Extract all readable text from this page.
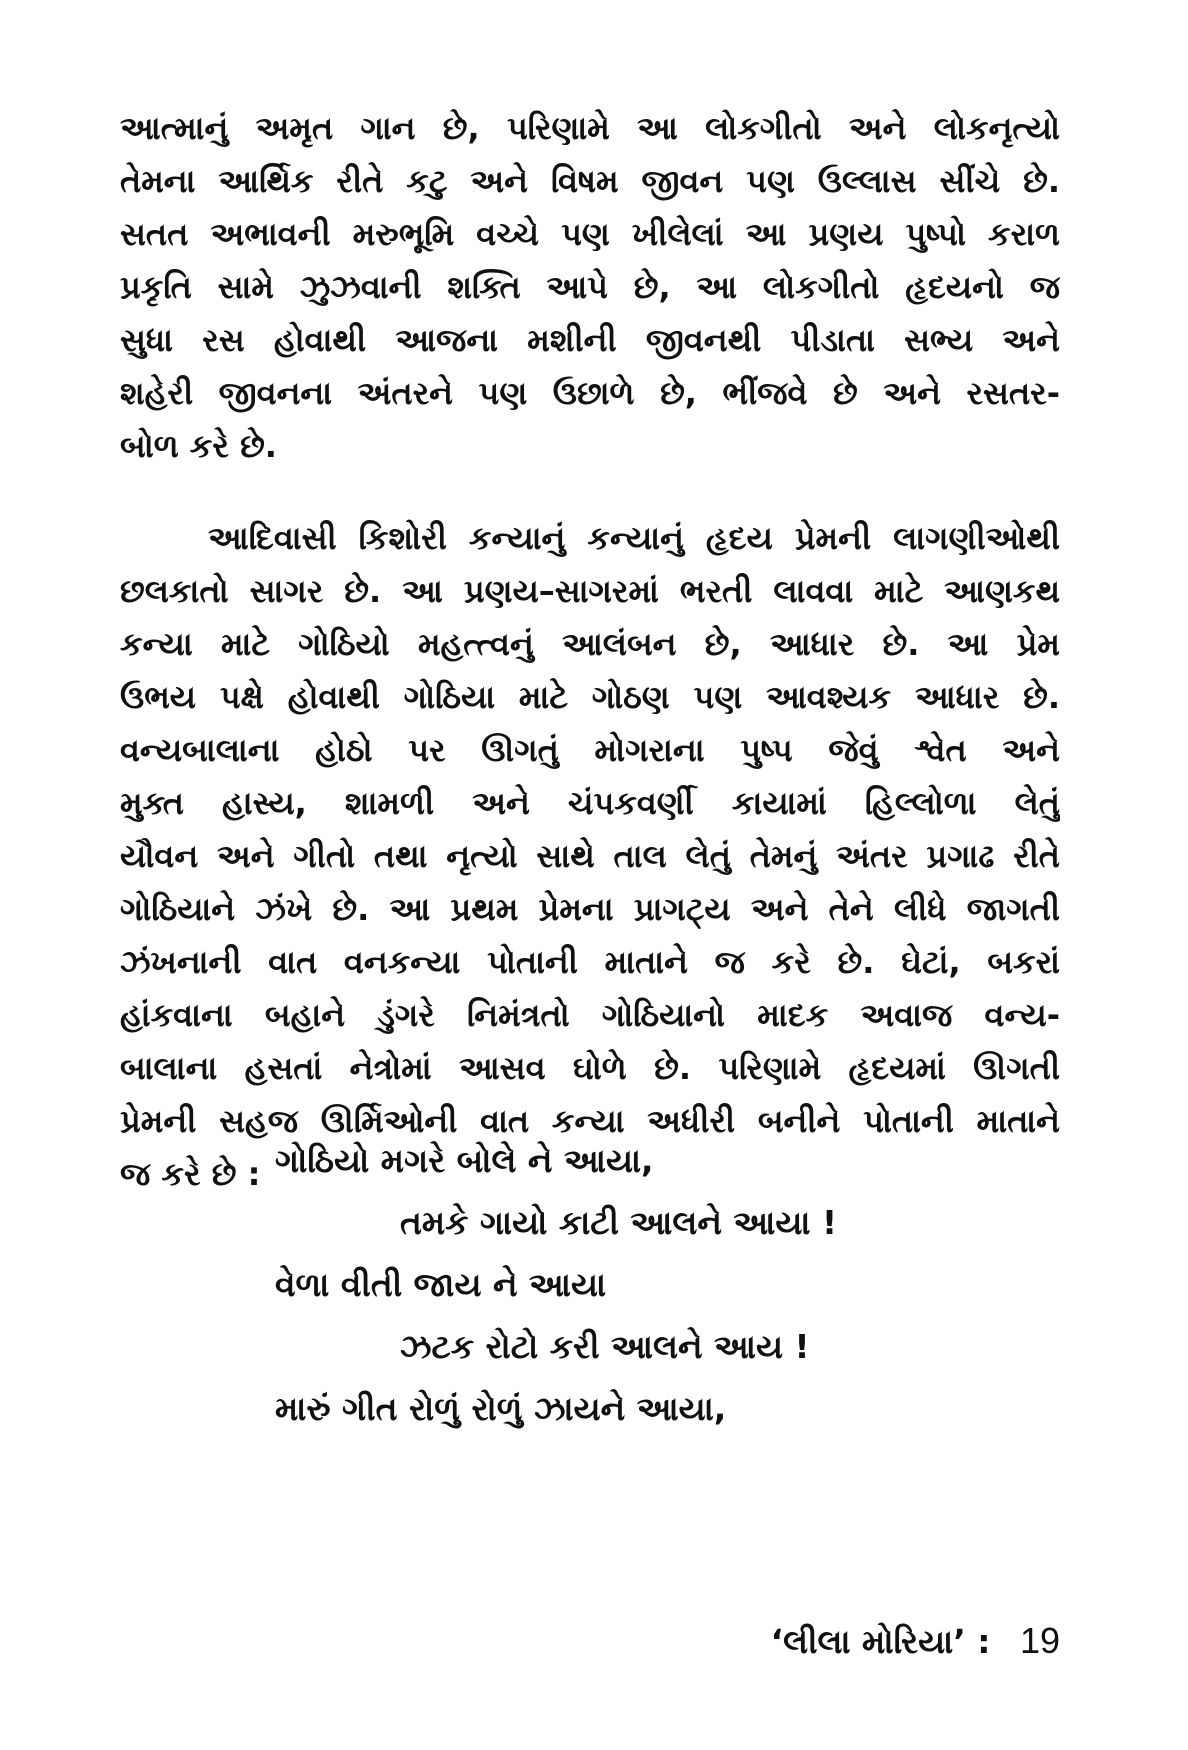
આત્માનું અમૃત ગાન છે, પરિણામે આ લોકગીતો અને લોકનૃત્યો
તેમના આર્થિક રીતે કટુ અને વિષમ જીવન પણ ઉલ્લાસ સીંચે છે.
સતત અભાવની મરુભૂમિ વચ્ચે પણ ખીલેલાં આ પ્રણય પુષ્પો કરાળ
પ્રકૃતિ સામે ઝુઝવાની શક્તિ આપે છે, આ લોકગીતો હૃદયનો જ
સુધા રસ હોવાથી આજના મશીની જીવનથી પીડાતા સભ્ય અને
શહેરી જીવનના અંતરને પણ ઉછાળે છે, ભીંજવે છે અને રસતર-
બોળ કરે છે.
આદિવાસી કિશોરી કન્યાનું કન્યાનું હૃદય પ્રેમની લાગણીઓથી
છલકાતો સાગર છે. આ પ્રણય–સાગરમાં ભરતી લાવવા માટે આણકથ
કન્યા માટે ગોઠિયો મહત્ત્વનું આલંબન છે, આધાર છે. આ પ્રેમ
ઉભય પક્ષે હોવાથી ગોઠિયા માટે ગોઠણ પણ આવશ્યક આધાર છે.
વન્યબાલાના હોઠો પર ઊગતું મોગરાના પુષ્પ જેવું શ્વેત અને
મુક્ત હાસ્ય, શામળી અને ચંપકવર્ણી કાયામાં હિલ્લોળા લેતું
યૌવન અને ગીતો તથા નૃત્યો સાથે તાલ લેતું તેમનું અંતર પ્રગાઢ રીતે
ગોઠિયાને ઝંખે છે. આ પ્રથમ પ્રેમના પ્રાગટ્ય અને તેને લીધે જાગતી
ઝંખનાની વાત વનકન્યા પોતાની માતાને જ કરે છે. ઘેટાં, બકરાં
હાંકવાના બહાને ડુંગરે નિમંત્રતો ગોઠિયાનો માદક અવાજ વન્ય-
બાલાના હસતાં નેત્રોમાં આસવ ઘોળે છે. પરિણામે હૃદયમાં ઊગતી
પ્રેમની સહજ ઊર્મિઓની વાત કન્યા અધીરી બનીને પોતાની માતાને
જ કરે છે : ગોઠિયો મગરે બોલે ને આયા,
તમકે ગાયો કાટી આલને આયા !
વેળા વીતી જાય ને આયા
ઝટક રોટો કરી આલને આય !
મારું ગીત રોળું રોળું ઝાયને આયા,
‘લીલા મોરિયા’ : 19
